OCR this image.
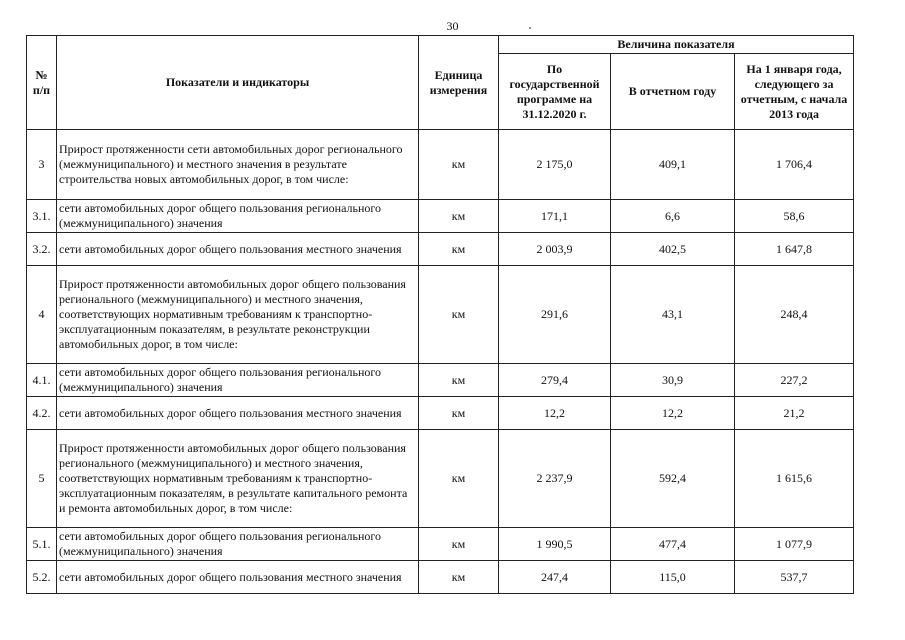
30
№ п/п	Показатели и индикаторы	Единица измерения	Величина показателя		
			По государственной программе на 31.12.2020 г.	В отчетном году	На 1 января года, следующего за отчетным, с начала 2013 года
3	Прирост протяженности сети автомобильных дорог регионального (межмуниципального) и местного значения в результате строительства новых автомобильных дорог, в том числе:	км	2 175,0	409,1	1 706,4
3.1.	сети автомобильных дорог общего пользования регионального (межмуниципального) значения	км	171,1	6,6	58,6
3.2.	сети автомобильных дорог общего пользования местного значения	км	2 003,9	402,5	1 647,8
4	Прирост протяженности автомобильных дорог общего пользования регионального (межмуниципального) и местного значения, соответствующих нормативным требованиям к транспортно-эксплуатационным показателям, в результате реконструкции автомобильных дорог, в том числе:	км	291,6	43,1	248,4
4.1.	сети автомобильных дорог общего пользования регионального (межмуниципального) значения	км	279,4	30,9	227,2
4.2.	сети автомобильных дорог общего пользования местного значения	км	12,2	12,2	21,2
5	Прирост протяженности автомобильных дорог общего пользования регионального (межмуниципального) и местного значения, соответствующих нормативным требованиям к транспортно-эксплуатационным показателям, в результате капитального ремонта и ремонта автомобильных дорог, в том числе:	км	2 237,9	592,4	1 615,6
5.1.	сети автомобильных дорог общего пользования регионального (межмуниципального) значения	км	1 990,5	477,4	1 077,9
5.2.	сети автомобильных дорог общего пользования местного значения	км	247,4	115,0	537,7
